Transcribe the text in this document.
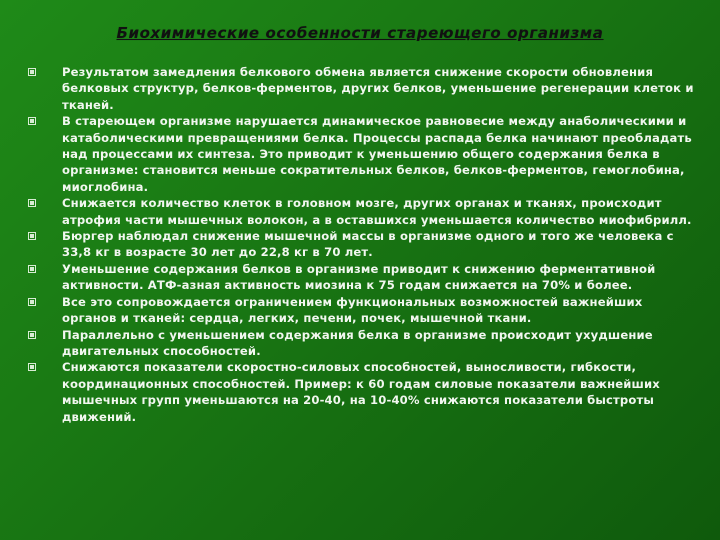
Биохимические особенности стареющего организма
Результатом замедления белкового обмена является снижение скорости обновления белковых структур, белков-ферментов, других белков, уменьшение регенерации клеток и тканей.
В стареющем организме нарушается динамическое равновесие между анаболическими и катаболическими превращениями белка. Процессы распада белка начинают преобладать над процессами их синтеза. Это приводит к уменьшению общего содержания белка в организме: становится меньше сократительных белков, белков-ферментов, гемоглобина, миоглобина.
Снижается количество клеток в головном мозге, других органах и тканях, происходит атрофия части мышечных волокон, а в оставшихся уменьшается количество миофибрилл.
Бюргер наблюдал снижение мышечной массы в организме одного и того же человека с 33,8 кг в возрасте 30 лет до 22,8 кг в 70 лет.
Уменьшение содержания белков в организме приводит к снижению ферментативной активности. АТФ-азная активность миозина к 75 годам снижается на 70% и более.
Все это сопровождается ограничением функциональных возможностей важнейших органов и тканей: сердца, легких, печени, почек, мышечной ткани.
Параллельно с уменьшением содержания белка в организме происходит ухудшение двигательных способностей.
Снижаются показатели скоростно-силовых способностей, выносливости, гибкости, координационных способностей. Пример: к 60 годам силовые показатели важнейших мышечных групп уменьшаются на 20-40, на 10-40% снижаются показатели быстроты движений.
